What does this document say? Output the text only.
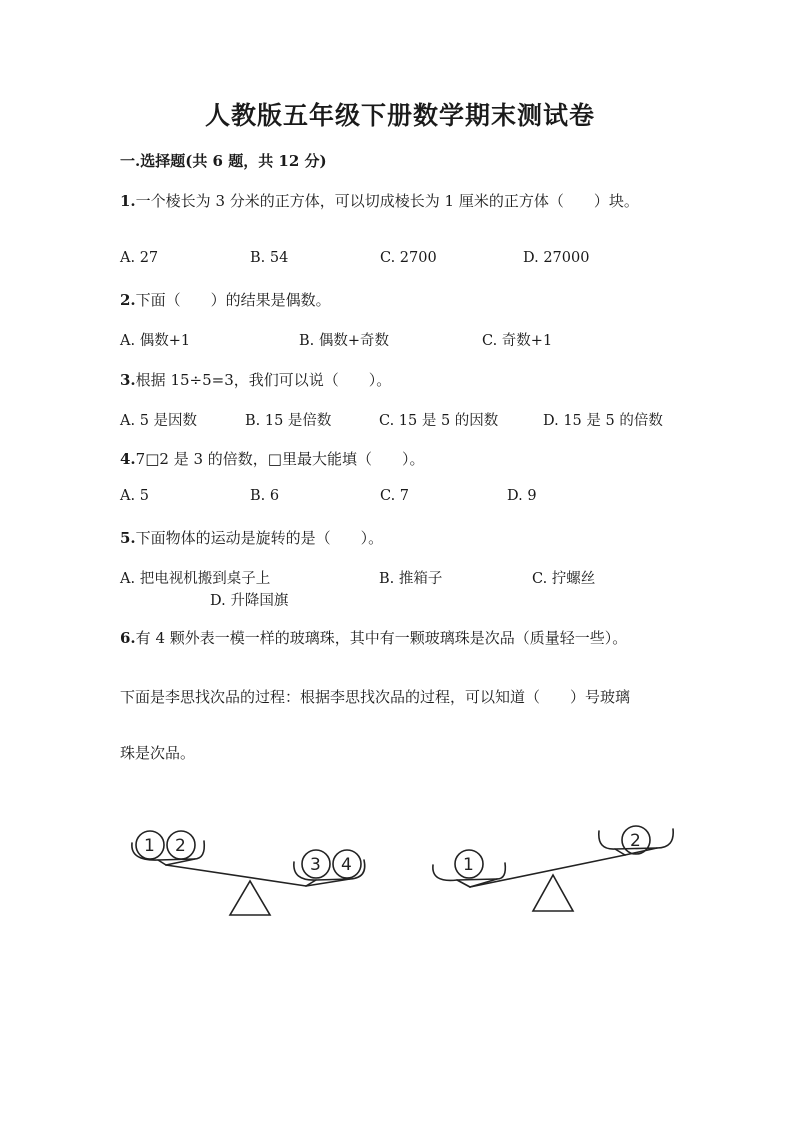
人教版五年级下册数学期末测试卷
一.选择题(共 6 题，共 12 分)
1.一个棱长为 3 分米的正方体，可以切成棱长为 1 厘米的正方体（　　）块。
A. 27	B. 54	C. 2700	D. 27000
2.下面（　　）的结果是偶数。
A. 偶数+1	B. 偶数+奇数	C. 奇数+1
3.根据 15÷5=3，我们可以说（　　）。
A. 5 是因数	B. 15 是倍数	C. 15 是 5 的因数	D. 15 是 5 的倍数
4.7□2 是 3 的倍数，□里最大能填（　　）。
A. 5	B. 6	C. 7	D. 9
5.下面物体的运动是旋转的是（　　）。
A. 把电视机搬到桌子上	B. 推箱子	C. 拧螺丝
D. 升降国旗
6.有 4 颗外表一模一样的玻璃珠，其中有一颗玻璃珠是次品（质量轻一些）。
下面是李思找次品的过程：根据李思找次品的过程，可以知道（　　）号玻璃
珠是次品。
1 2
3 4	1
2
